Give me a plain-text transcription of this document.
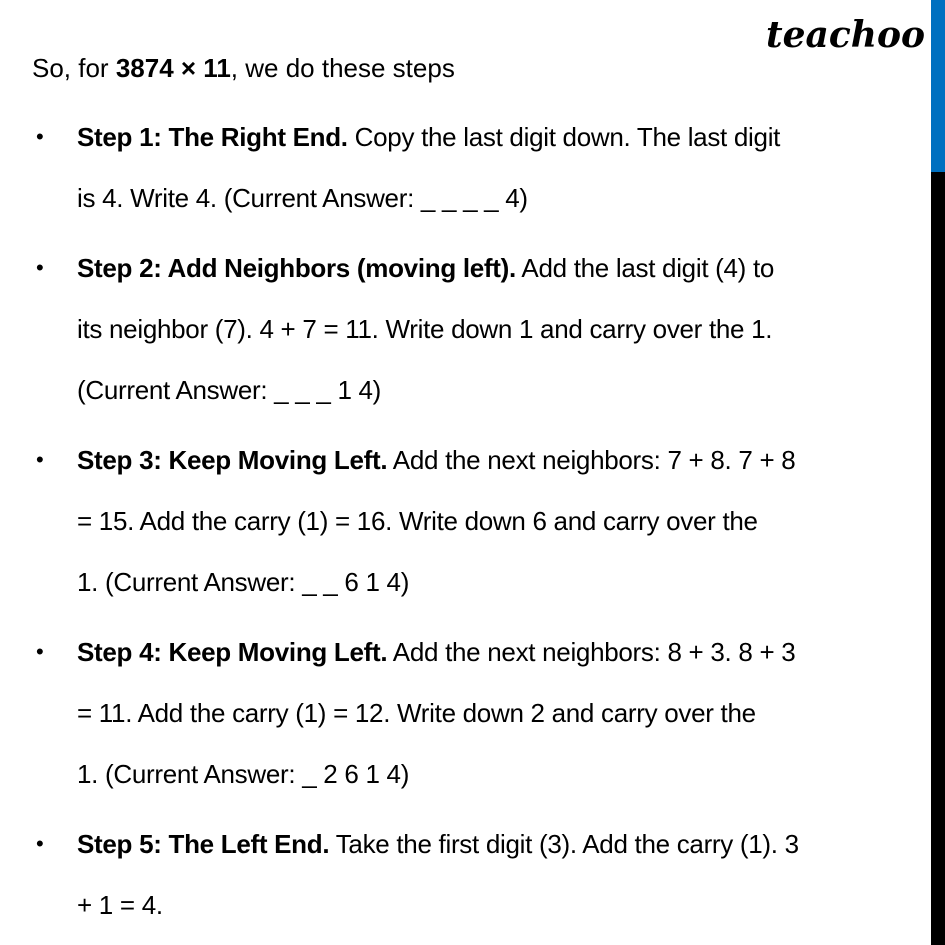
teachoo
So, for 3874 × 11, we do these steps
• Step 1: The Right End. Copy the last digit down. The last digit
is 4. Write 4. (Current Answer: _ _ _ _ 4)
• Step 2: Add Neighbors (moving left). Add the last digit (4) to
its neighbor (7). 4 + 7 = 11. Write down 1 and carry over the 1.
(Current Answer: _ _ _ 1 4)
• Step 3: Keep Moving Left. Add the next neighbors: 7 + 8. 7 + 8
= 15. Add the carry (1) = 16. Write down 6 and carry over the
1. (Current Answer: _ _ 6 1 4)
• Step 4: Keep Moving Left. Add the next neighbors: 8 + 3. 8 + 3
= 11. Add the carry (1) = 12. Write down 2 and carry over the
1. (Current Answer: _ 2 6 1 4)
• Step 5: The Left End. Take the first digit (3). Add the carry (1). 3
+ 1 = 4.
